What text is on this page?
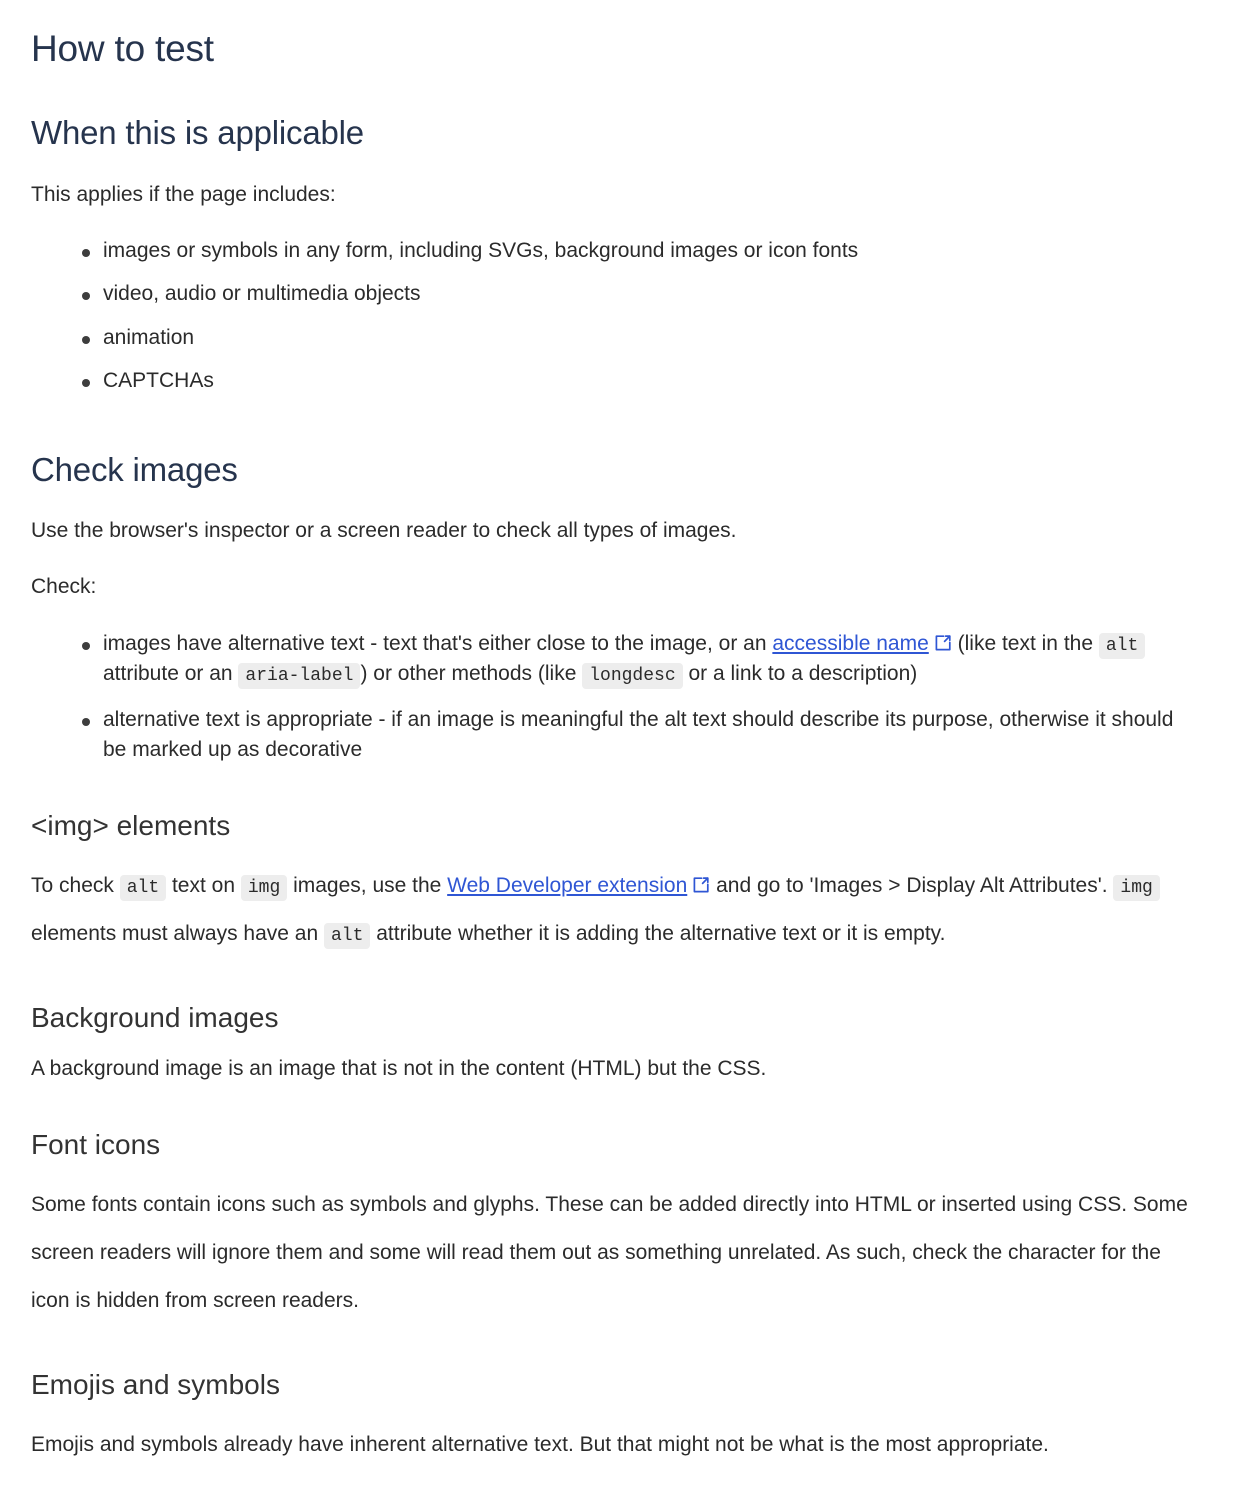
How to test
When this is applicable

This applies if the page includes:

images or symbols in any form, including SVGs, background images or icon fonts
video, audio or multimedia objects
animation
CAPTCHAs
Check images

Use the browser's inspector or a screen reader to check all types of images.

Check:

images have alternative text - text that's either close to the image, or an accessible name
(like text in the alt attribute or an aria-label ) or other methods (like longdesc or a link to a description)
alternative text is appropriate - if an image is meaningful the alt text should describe its purpose, otherwise it should be marked up as decorative
<img> elements

To check alt text on img images, use the Web Developer extension
and go to 'Images > Display Alt Attributes'. img elements must always have an alt attribute whether it is adding the alternative text or it is empty.

Background images

A background image is an image that is not in the content (HTML) but the CSS.

Font icons

Some fonts contain icons such as symbols and glyphs. These can be added directly into HTML or inserted using CSS. Some screen readers will ignore them and some will read them out as something unrelated. As such, check the character for the icon is hidden from screen readers.

Emojis and symbols

Emojis and symbols already have inherent alternative text. But that might not be what is the most appropriate.
